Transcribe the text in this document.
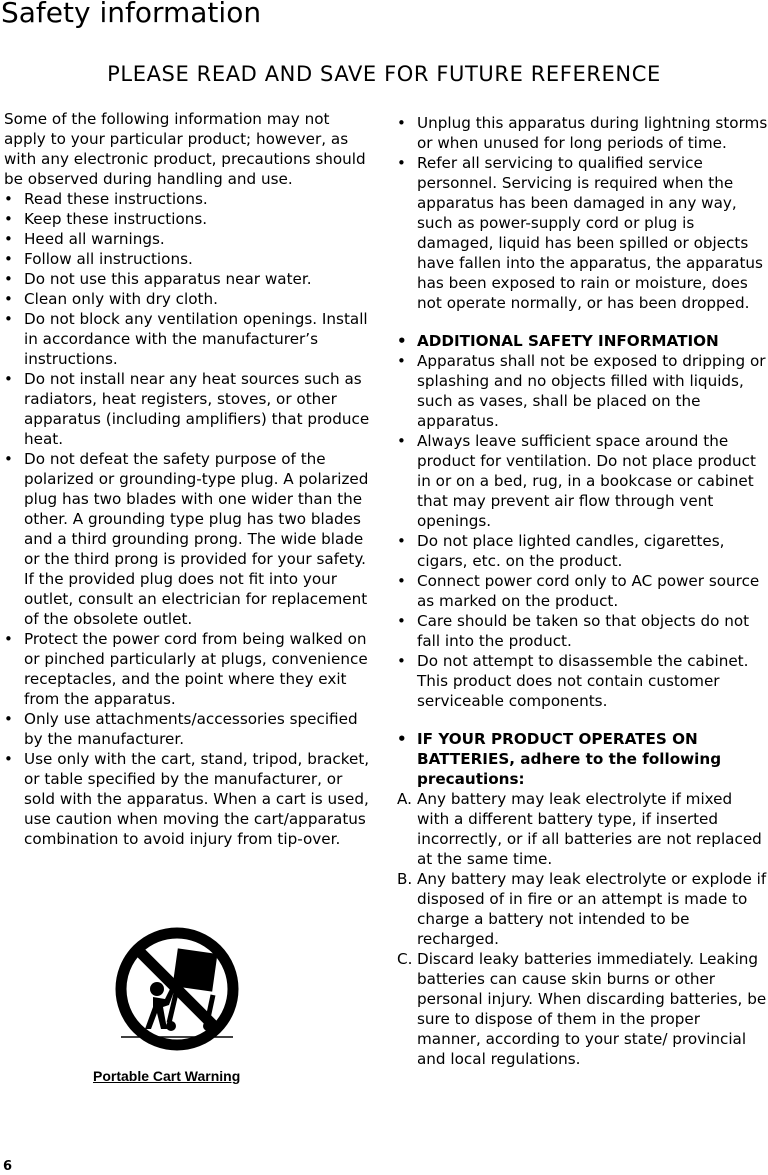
Safety information
PLEASE READ AND SAVE FOR FUTURE REFERENCE

Some of the following information may not apply to your particular product; however, as with any electronic product, precautions should be observed during handling and use.

• Read these instructions.
• Keep these instructions.
• Heed all warnings.
• Follow all instructions.
• Do not use this apparatus near water.
• Clean only with dry cloth.
• Do not block any ventilation openings. Install in accordance with the manufacturer’s instructions.
• Do not install near any heat sources such as radiators, heat registers, stoves, or other apparatus (including amplifiers) that produce heat.
• Do not defeat the safety purpose of the polarized or grounding-type plug. A polarized plug has two blades with one wider than the other. A grounding type plug has two blades and a third grounding prong. The wide blade or the third prong is provided for your safety. If the provided plug does not fit into your outlet, consult an electrician for replacement of the obsolete outlet.
• Protect the power cord from being walked on or pinched particularly at plugs, convenience receptacles, and the point where they exit from the apparatus.
• Only use attachments/accessories specified by the manufacturer.
• Use only with the cart, stand, tripod, bracket, or table specified by the manufacturer, or sold with the apparatus. When a cart is used, use caution when moving the cart/apparatus combination to avoid injury from tip-over.
Portable Cart Warning
• Unplug this apparatus during lightning storms or when unused for long periods of time.
• Refer all servicing to qualified service personnel. Servicing is required when the apparatus has been damaged in any way, such as power-supply cord or plug is damaged, liquid has been spilled or objects have fallen into the apparatus, the apparatus has been exposed to rain or moisture, does not operate normally, or has been dropped.
• ADDITIONAL SAFETY INFORMATION
• Apparatus shall not be exposed to dripping or splashing and no objects filled with liquids, such as vases, shall be placed on the apparatus.
• Always leave sufficient space around the product for ventilation. Do not place product in or on a bed, rug, in a bookcase or cabinet that may prevent air flow through vent openings.
• Do not place lighted candles, cigarettes, cigars, etc. on the product.
• Connect power cord only to AC power source as marked on the product.
• Care should be taken so that objects do not fall into the product.
• Do not attempt to disassemble the cabinet. This product does not contain customer serviceable components.
• IF YOUR PRODUCT OPERATES ON BATTERIES, adhere to the following precautions:
A. Any battery may leak electrolyte if mixed with a different battery type, if inserted incorrectly, or if all batteries are not replaced at the same time.
B. Any battery may leak electrolyte or explode if disposed of in fire or an attempt is made to charge a battery not intended to be recharged.
C. Discard leaky batteries immediately. Leaking batteries can cause skin burns or other personal injury. When discarding batteries, be sure to dispose of them in the proper manner, according to your state/ provincial and local regulations.
6
